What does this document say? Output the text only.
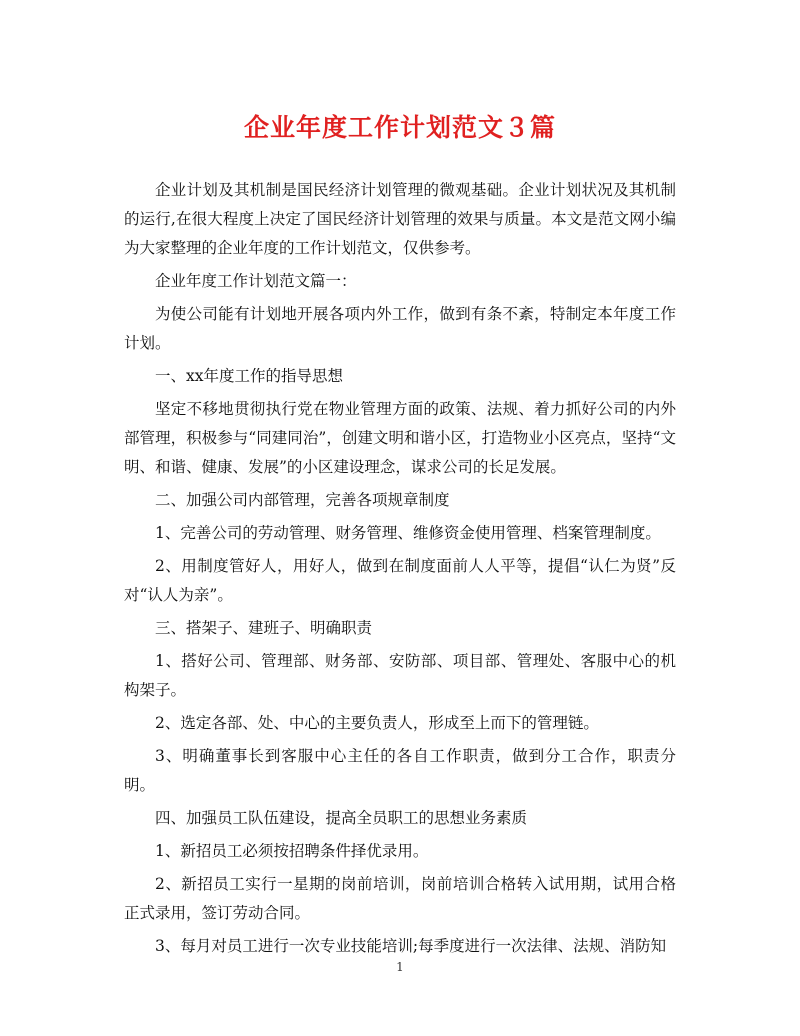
企业年度工作计划范文３篇

企业计划及其机制是国民经济计划管理的微观基础。企业计划状况及其机制的运行,在很大程度上决定了国民经济计划管理的效果与质量。本文是范文网小编为大家整理的企业年度的工作计划范文，仅供参考。

企业年度工作计划范文篇一：

为使公司能有计划地开展各项内外工作，做到有条不紊，特制定本年度工作计划。

一、xx年度工作的指导思想

坚定不移地贯彻执行党在物业管理方面的政策、法规、着力抓好公司的内外部管理，积极参与“同建同治”，创建文明和谐小区，打造物业小区亮点，坚持“文明、和谐、健康、发展”的小区建设理念，谋求公司的长足发展。

二、加强公司内部管理，完善各项规章制度

1、完善公司的劳动管理、财务管理、维修资金使用管理、档案管理制度。

2、用制度管好人，用好人，做到在制度面前人人平等，提倡“认仁为贤”反对“认人为亲”。

三、搭架子、建班子、明确职责

1、搭好公司、管理部、财务部、安防部、项目部、管理处、客服中心的机构架子。

2、选定各部、处、中心的主要负责人，形成至上而下的管理链。

3、明确董事长到客服中心主任的各自工作职责，做到分工合作，职责分明。

四、加强员工队伍建设，提高全员职工的思想业务素质

1、新招员工必须按招聘条件择优录用。

2、新招员工实行一星期的岗前培训，岗前培训合格转入试用期，试用合格正式录用，签订劳动合同。

3、每月对员工进行一次专业技能培训;每季度进行一次法律、法规、消防知

1
